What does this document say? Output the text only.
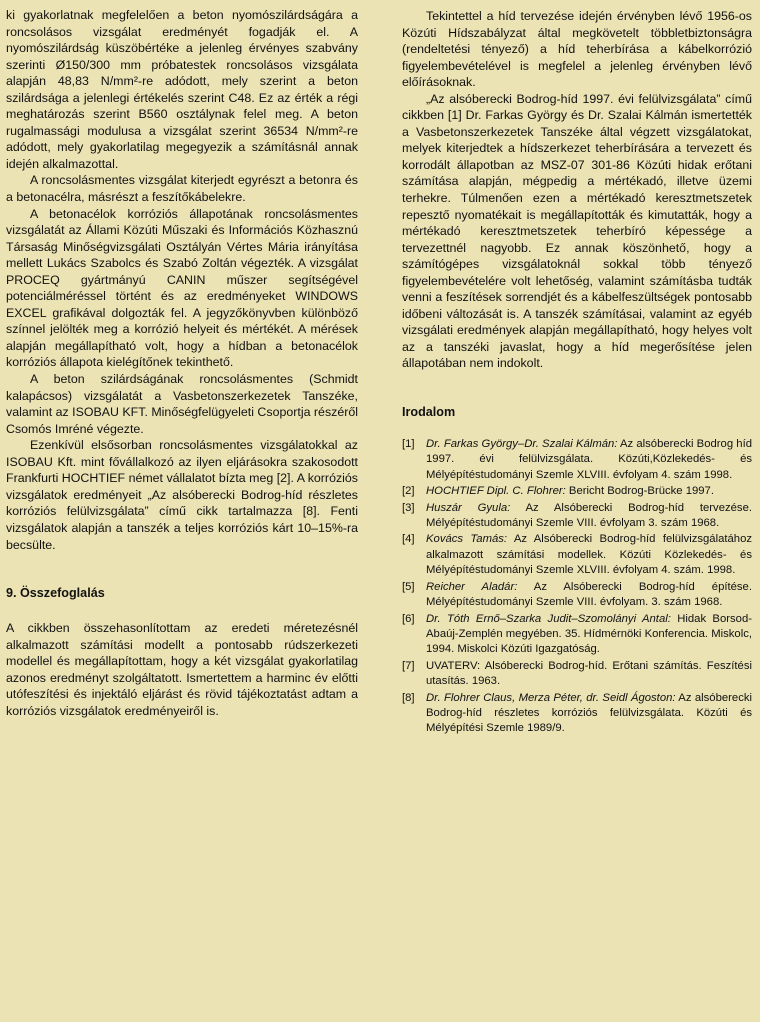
ki gyakorlatnak megfelelően a beton nyomószilárdságára a roncsolásos vizsgálat eredményét fogadják el. A nyomószilárdság küszöbértéke a jelenleg érvényes szabvány szerinti Ø150/300 mm próbatestek roncsolásos vizsgálata alapján 48,83 N/mm²-re adódott, mely szerint a beton szilárdsága a jelenlegi értékelés szerint C48. Ez az érték a régi meghatározás szerint B560 osztálynak felel meg. A beton rugalmassági modulusa a vizsgálat szerint 36534 N/mm²-re adódott, mely gyakorlatilag megegyezik a számításnál annak idején alkalmazottal.

A roncsolásmentes vizsgálat kiterjedt egyrészt a betonra és a betonacélra, másrészt a feszítőkábelekre.

A betonacélok korróziós állapotának roncsolásmentes vizsgálatát az Állami Közúti Műszaki és Információs Közhasznú Társaság Minőségvizsgálati Osztályán Vértes Mária irányítása mellett Lukács Szabolcs és Szabó Zoltán végezték. A vizsgálat PROCEQ gyártmányú CANIN műszer segítségével potenciálméréssel történt és az eredményeket WINDOWS EXCEL grafikával dolgozták fel. A jegyzőkönyvben különböző színnel jelölték meg a korrózió helyeit és mértékét. A mérések alapján megállapítható volt, hogy a hídban a betonacélok korróziós állapota kielégítőnek tekinthető.

A beton szilárdságának roncsolásmentes (Schmidt kalapácsos) vizsgálatát a Vasbetonszerkezetek Tanszéke, valamint az ISOBAU KFT. Minőségfelügyeleti Csoportja részéről Csomós Imréné végezte.

Ezenkívül elsősorban roncsolásmentes vizsgálatokkal az ISOBAU Kft. mint fővállalkozó az ilyen eljárásokra szakosodott Frankfurti HOCHTIEF német vállalatot bízta meg [2]. A korróziós vizsgálatok eredményeit „Az alsóberecki Bodrog-híd részletes korróziós felülvizsgálata” című cikk tartalmazza [8]. Fenti vizsgálatok alapján a tanszék a teljes korróziós kárt 10–15%-ra becsülte.

9. Összefoglalás

A cikkben összehasonlítottam az eredeti méretezésnél alkalmazott számítási modellt a pontosabb rúdszerkezeti modellel és megállapítottam, hogy a két vizsgálat gyakorlatilag azonos eredményt szolgáltatott. Ismertettem a harminc év előtti utófeszítési és injektáló eljárást és rövid tájékoztatást adtam a korróziós vizsgálatok eredményeiről is.

Tekintettel a híd tervezése idején érvényben lévő 1956-os Közúti Hídszabályzat által megkövetelt többletbiztonságra (rendeltetési tényező) a híd teherbírása a kábelkorrózió figyelembevételével is megfelel a jelenleg érvényben lévő előírásoknak.

„Az alsóberecki Bodrog-híd 1997. évi felülvizsgálata” című cikkben [1] Dr. Farkas György és Dr. Szalai Kálmán ismertették a Vasbetonszerkezetek Tanszéke által végzett vizsgálatokat, melyek kiterjedtek a hídszerkezet teherbírására a tervezett és korrodált állapotban az MSZ-07 301-86 Közúti hidak erőtani számítása alapján, mégpedig a mértékadó, illetve üzemi terhekre. Túlmenően ezen a mértékadó keresztmetszetek repesztő nyomatékait is megállapították és kimutatták, hogy a mértékadó keresztmetszetek teherbíró képessége a tervezettnél nagyobb. Ez annak köszönhető, hogy a számítógépes vizsgálatoknál sokkal több tényező figyelembevételére volt lehetőség, valamint számításba tudták venni a feszítések sorrendjét és a kábelfeszültségek pontosabb időbeni változását is. A tanszék számításai, valamint az egyéb vizsgálati eredmények alapján megállapítható, hogy helyes volt az a tanszéki javaslat, hogy a híd megerősítése jelen állapotában nem indokolt.

Irodalom
[1] Dr. Farkas György–Dr. Szalai Kálmán: Az alsóberecki Bodrog híd 1997. évi felülvizsgálata. Közúti,Közlekedés- és Mélyépítéstudományi Szemle XLVIII. évfolyam 4. szám 1998.
[2] HOCHTIEF Dipl. C. Flohrer: Bericht Bodrog-Brücke 1997.
[3] Huszár Gyula: Az Alsóberecki Bodrog-híd tervezése. Mélyépítéstudományi Szemle VIII. évfolyam 3. szám 1968.
[4] Kovács Tamás: Az Alsóberecki Bodrog-híd felülvizsgálatához alkalmazott számítási modellek. Közúti Közlekedés- és Mélyépítéstudományi Szemle XLVIII. évfolyam 4. szám. 1998.
[5] Reicher Aladár: Az Alsóberecki Bodrog-híd építése. Mélyépítéstudományi Szemle VIII. évfolyam. 3. szám 1968.
[6] Dr. Tóth Ernő–Szarka Judit–Szomolányi Antal: Hidak Borsod-Abaúj-Zemplén megyében. 35. Hídmérnöki Konferencia. Miskolc, 1994. Miskolci Közúti Igazgatóság.
[7] UVATERV: Alsóberecki Bodrog-híd. Erőtani számítás. Feszítési utasítás. 1963.
[8] Dr. Flohrer Claus, Merza Péter, dr. Seidl Ágoston: Az alsóberecki Bodrog-híd részletes korróziós felülvizsgálata. Közúti és Mélyépítési Szemle 1989/9.
